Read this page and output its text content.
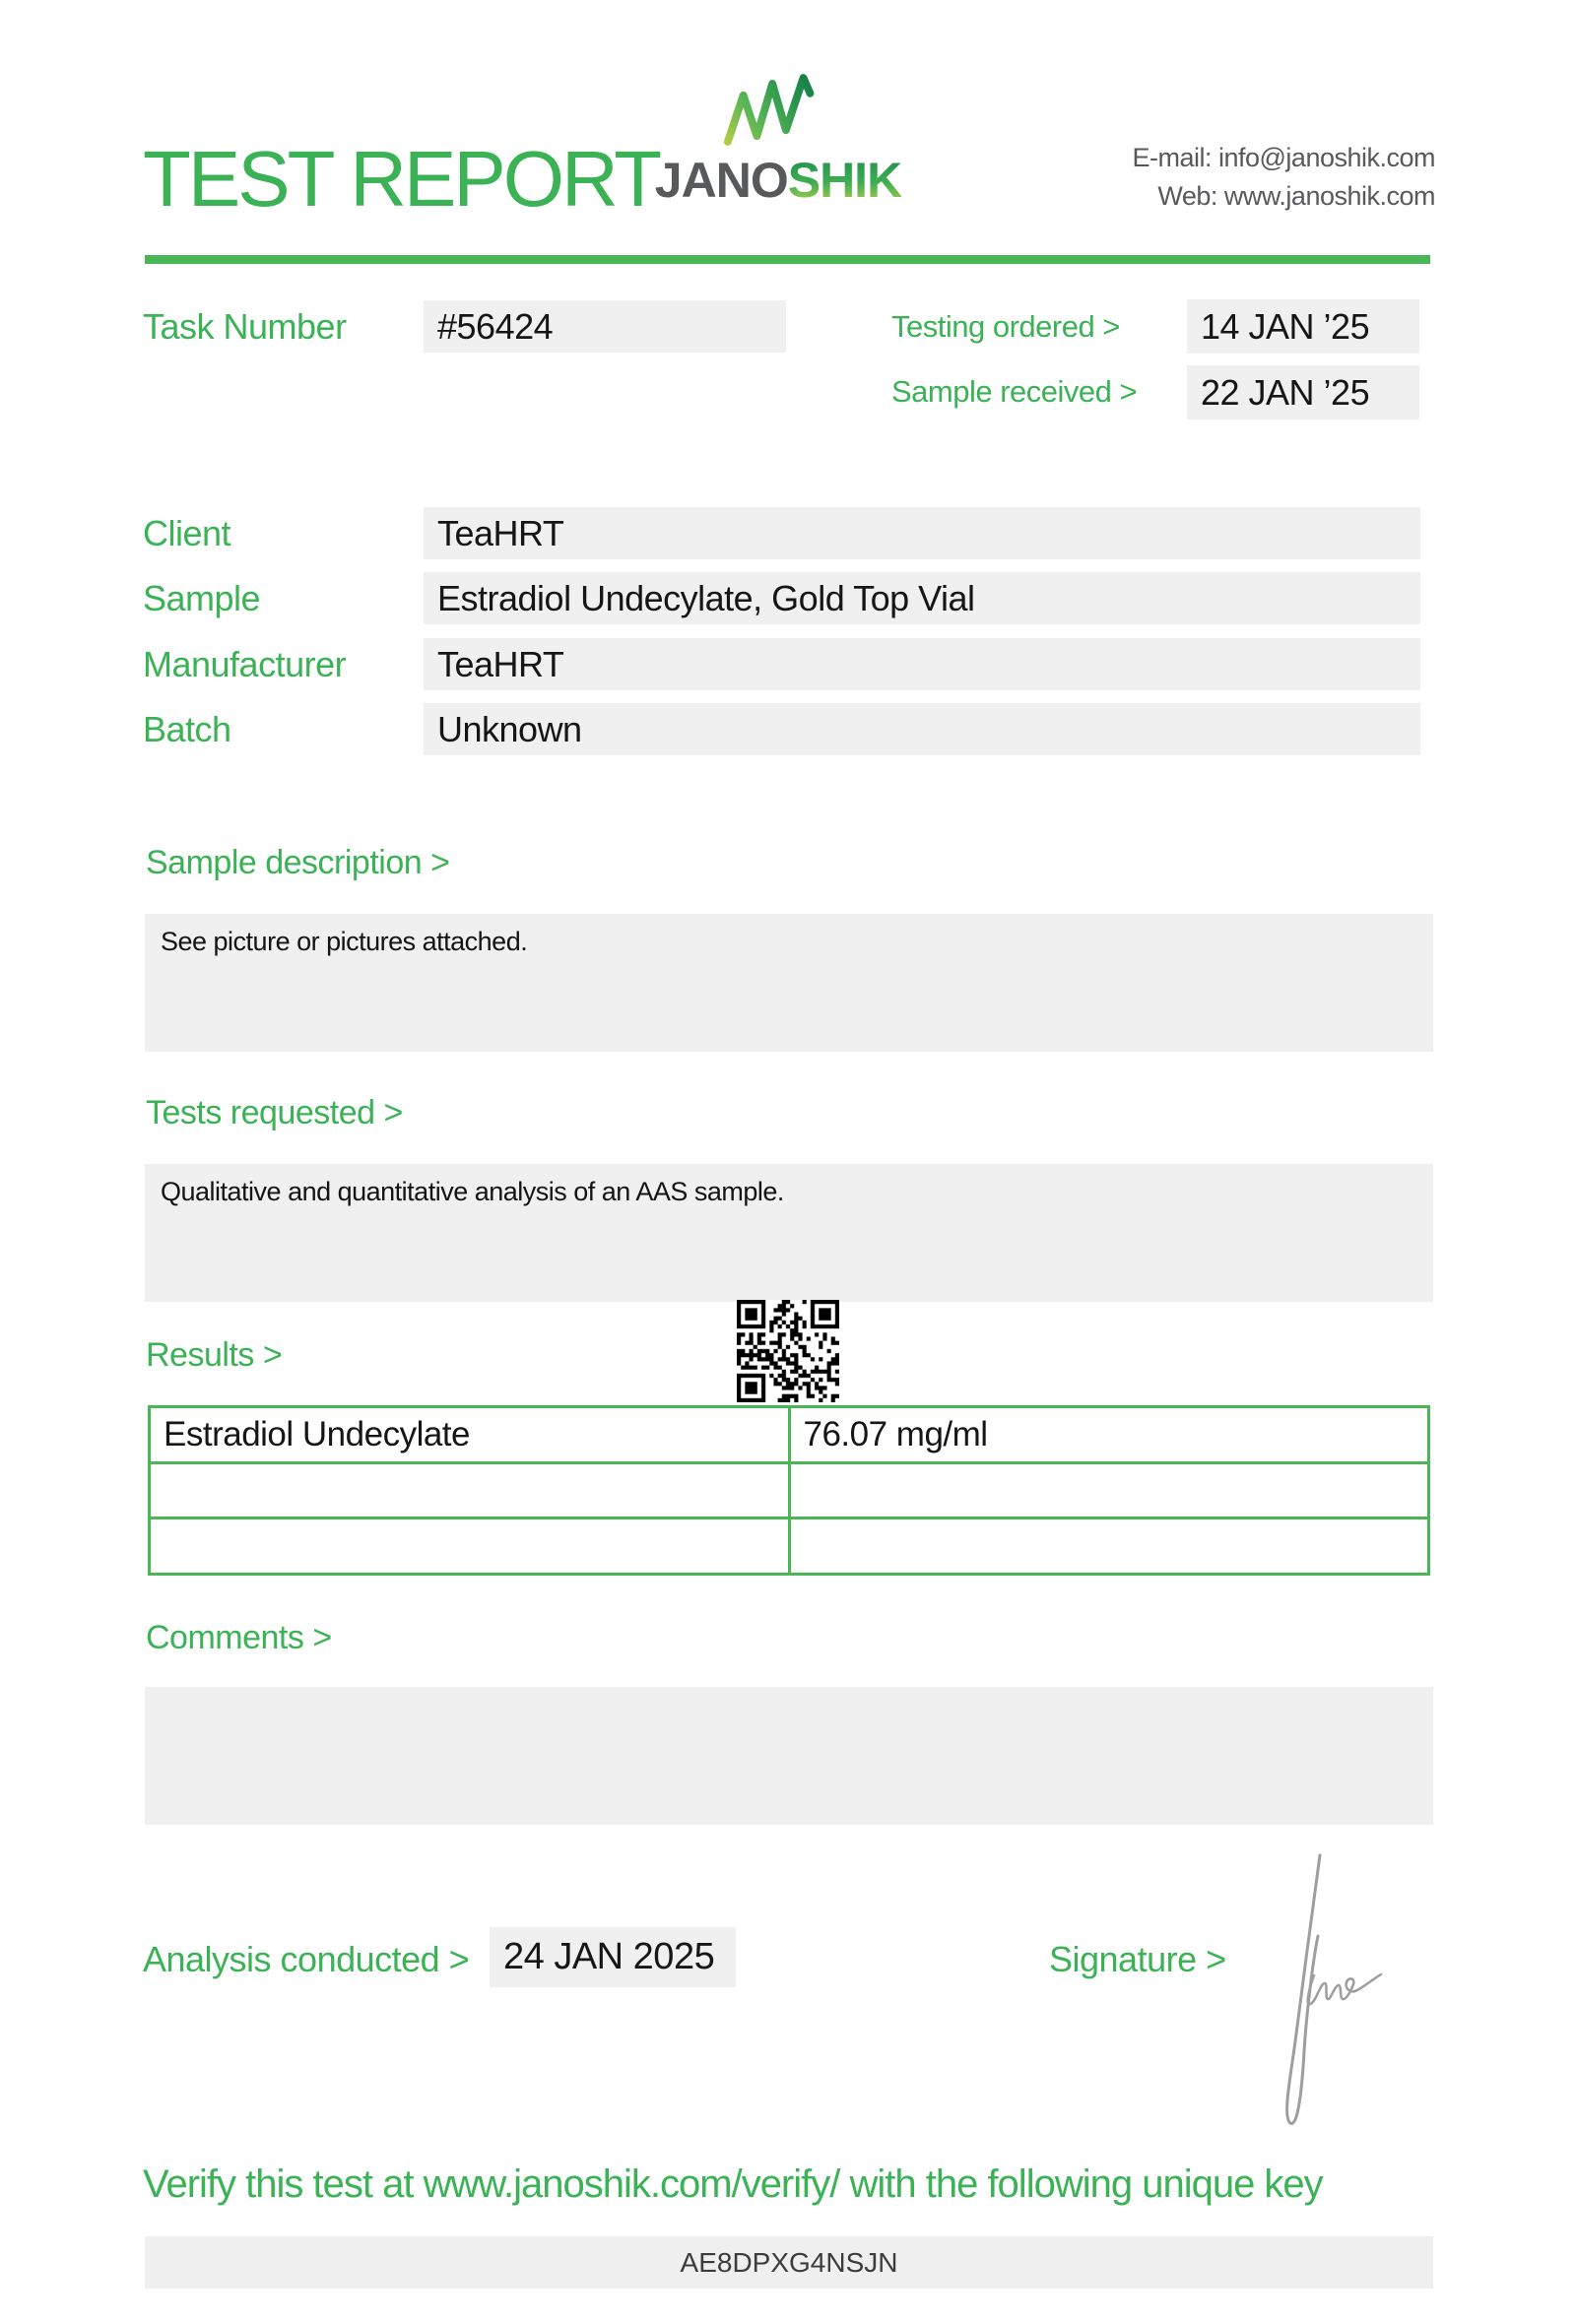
TEST REPORT
JANOSHIK	E-mail: info@janoshik.com
Web: www.janoshik.com
Task Number	#56424	Testing ordered >	14 JAN ’25
Sample received >	22 JAN ’25
Client	TeaHRT
Sample	Estradiol Undecylate, Gold Top Vial
Manufacturer	TeaHRT
Batch	Unknown
Sample description >
See picture or pictures attached.
Tests requested >
Qualitative and quantitative analysis of an AAS sample.
Results >
Estradiol Undecylate	76.07 mg/ml
Comments >
Analysis conducted > 24 JAN 2025	Signature >
Verify this test at www.janoshik.com/verify/ with the following unique key
AE8DPXG4NSJN
